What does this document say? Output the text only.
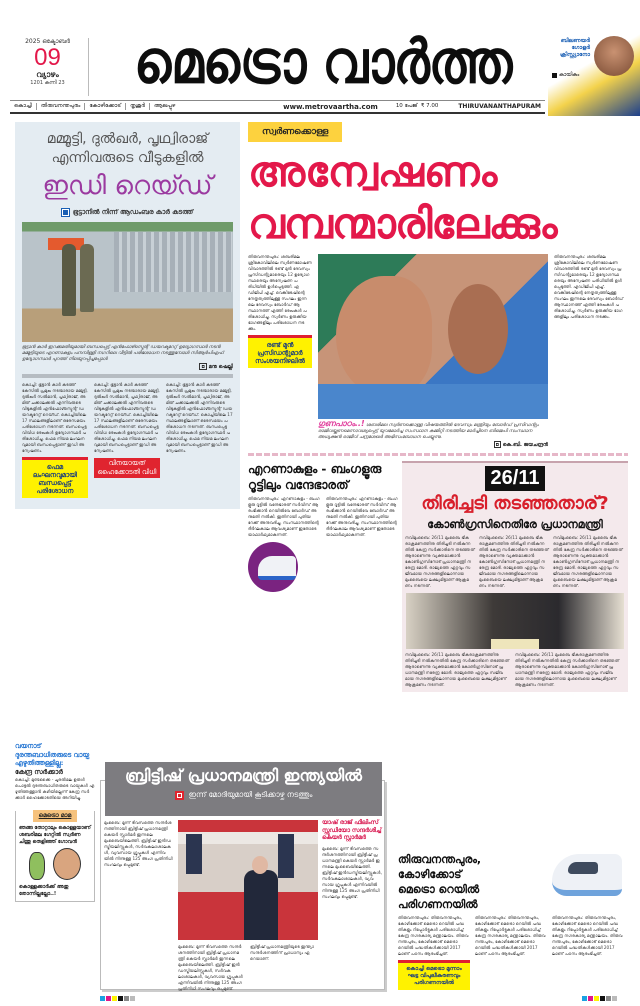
2025 ഒക്ടോബർ
09
വ്യാഴം
1201 കന്നി 23	മെട്രൊ വാർത്ത	ബിലണയർ ഗോളർ ക്രിസ്റ്റ്യാനോ
കായികം
കൊച്ചി	തിരുവനന്തപുരം	കോഴിക്കോട്	തൃശൂർ	ആലപ്പുഴ	www.metrovaartha.com	10 പേജ്  ₹ 7.00	THIRUVANANTHAPURAM
മമ്മൂട്ടി, ദുൽഖർ, പൃഥ്വിരാജ്
എന്നിവരുടെ വീടുകളിൽ
ഇഡി റെയ്ഡ്
ഭൂട്ടാനിൽ നിന്ന് ആഡംബര കാർ കടത്ത്
ഭൂട്ടാൻ കാർ ഇറക്കുമതിയുമായി ബന്ധപ്പെട്ട് എൻഫോഴ്സ്മെന്റ് ഡയറക്ടറേറ്റ് ഉദ്യോഗസ്ഥർ നടൻ മമ്മൂട്ടിയുടെ എറണാകുളം പനമ്പിള്ളി നഗറിലെ വീട്ടിൽ പരിശോധന നടത്തുമ്പോൾ സിആർപിഎഫ് ഉദ്യോഗസ്ഥർ പുറത്ത് നിലയുറപ്പിച്ചപ്പോൾ
◘ മനു ഷെല്ലി
കൊച്ചി: ഭൂട്ടാൻ കാർ കടത്ത് കേസിൽ പ്രമുഖ നടന്മാരായ മമ്മൂട്ടി, ദുൽഖർ സൽമാൻ, പൃഥ്വിരാജ്, അമിത് ചക്കാലക്കൽ എന്നിവരുടെ വീടുകളിൽ എൻഫോഴ്സ്മെന്റ് ഡയറക്ടറേറ്റ് റെയ്ഡ്. കൊച്ചിയിലെ 17 സ്ഥലങ്ങളിലാണ് ഒരേസമയം പരിശോധന നടന്നത്. ബന്ധപ്പെട്ട വിവിധ രേഖകൾ ഉദ്യോഗസ്ഥർ പരിശോധിച്ചു. ഫെമ നിയമ ലംഘനവുമായി ബന്ധപ്പെട്ടാണ് ഇഡി അന്വേഷണം.
ഫെമ ലംഘനവുമായി ബന്ധപ്പെട്ട് പരിശോധന
കൊച്ചി: ഭൂട്ടാൻ കാർ കടത്ത് കേസിൽ പ്രമുഖ നടന്മാരായ മമ്മൂട്ടി, ദുൽഖർ സൽമാൻ, പൃഥ്വിരാജ്, അമിത് ചക്കാലക്കൽ എന്നിവരുടെ വീടുകളിൽ എൻഫോഴ്സ്മെന്റ് ഡയറക്ടറേറ്റ് റെയ്ഡ്. കൊച്ചിയിലെ 17 സ്ഥലങ്ങളിലാണ് ഒരേസമയം പരിശോധന നടന്നത്. ബന്ധപ്പെട്ട വിവിധ രേഖകൾ ഉദ്യോഗസ്ഥർ പരിശോധിച്ചു. ഫെമ നിയമ ലംഘനവുമായി ബന്ധപ്പെട്ടാണ് ഇഡി അന്വേഷണം.
വിനയായത് ഹൈക്കോടതി വിധി
കൊച്ചി: ഭൂട്ടാൻ കാർ കടത്ത് കേസിൽ പ്രമുഖ നടന്മാരായ മമ്മൂട്ടി, ദുൽഖർ സൽമാൻ, പൃഥ്വിരാജ്, അമിത് ചക്കാലക്കൽ എന്നിവരുടെ വീടുകളിൽ എൻഫോഴ്സ്മെന്റ് ഡയറക്ടറേറ്റ് റെയ്ഡ്. കൊച്ചിയിലെ 17 സ്ഥലങ്ങളിലാണ് ഒരേസമയം പരിശോധന നടന്നത്. ബന്ധപ്പെട്ട വിവിധ രേഖകൾ ഉദ്യോഗസ്ഥർ പരിശോധിച്ചു. ഫെമ നിയമ ലംഘനവുമായി ബന്ധപ്പെട്ടാണ് ഇഡി അന്വേഷണം.
സ്വർണക്കൊള്ള
അന്വേഷണം
വമ്പന്മാരിലേക്കും
തിരുവനന്തപുരം: ശബരിമല ശ്രീകോവിലിലെ സ്വർണമോഷണ വിവാദത്തിൽ രണ്ട് മുൻ ദേവസ്വം പ്രസിഡന്റുമാരെയും 12 ഉദ്യോഗസ്ഥരെയും അന്വേഷണ പരിധിയിൽ ഉൾപ്പെടുത്തി. എഡിജിപി എച്ച്. വെങ്കിടേഷിന്റെ നേതൃത്വത്തിലുള്ള സംഘം ഇന്നലെ ദേവസ്വം ബോർഡ് ആസ്ഥാനത്ത് എത്തി രേഖകൾ പരിശോധിച്ചു. സ്വർണം ഉരുക്കിയ ഭാഗങ്ങളിലും പരിശോധന നടക്കും.
രണ്ട് മുൻ പ്രസിഡന്റുമാർ സംശയനിഴലിൽ
ഗുണപാഠം..! ശബരിമല സ്വർണക്കൊള്ള വിഷയത്തിൽ ദേവസ്വം മന്ത്രിയും ബോർഡ് പ്രസിഡന്റും രാജിവയ്ക്കണമെന്നാവശ്യപ്പെട്ട് യുവമോർച്ച സംസ്ഥാന കമ്മിറ്റി നടത്തിയ മാർച്ചിനെ ബിജെപി സംസ്ഥാന അധ്യക്ഷൻ രാജീവ് ചന്ദ്രശേഖർ അഭിസംബോധന ചെയ്യുന്നു.
◘ കെ.ബി. ജയചന്ദ്രൻ
തിരുവനന്തപുരം: ശബരിമല ശ്രീകോവിലിലെ സ്വർണമോഷണ വിവാദത്തിൽ രണ്ട് മുൻ ദേവസ്വം പ്രസിഡന്റുമാരെയും 12 ഉദ്യോഗസ്ഥരെയും അന്വേഷണ പരിധിയിൽ ഉൾപ്പെടുത്തി. എഡിജിപി എച്ച്. വെങ്കിടേഷിന്റെ നേതൃത്വത്തിലുള്ള സംഘം ഇന്നലെ ദേവസ്വം ബോർഡ് ആസ്ഥാനത്ത് എത്തി രേഖകൾ പരിശോധിച്ചു. സ്വർണം ഉരുക്കിയ ഭാഗങ്ങളിലും പരിശോധന നടക്കും.
എറണാകുളം - ബംഗളൂരു റൂട്ടിലും വന്ദേഭാരത്
തിരുവനന്തപുരം: എറണാകുളം - ബംഗളൂരു റൂട്ടിൽ വന്ദേഭാരത് സർവീസ് ആരംഭിക്കാൻ റെയിൽവേ ബോർഡ് അനുമതി നൽകി. ഇതിനായി പുതിയ റേക്ക് അനുവദിച്ചു. സംസ്ഥാനത്തിന്റെ ദീർഘകാല ആവശ്യമാണ് ഇതോടെ യാഥാർഥ്യമാകുന്നത്.
തിരുവനന്തപുരം: എറണാകുളം - ബംഗളൂരു റൂട്ടിൽ വന്ദേഭാരത് സർവീസ് ആരംഭിക്കാൻ റെയിൽവേ ബോർഡ് അനുമതി നൽകി. ഇതിനായി പുതിയ റേക്ക് അനുവദിച്ചു. സംസ്ഥാനത്തിന്റെ ദീർഘകാല ആവശ്യമാണ് ഇതോടെ യാഥാർഥ്യമാകുന്നത്.
26/11
തിരിച്ചടി തടഞ്ഞതാര്?
കോൺഗ്രസിനെതിരേ പ്രധാനമന്ത്രി
നവിമുംബൈ: 26/11 മുംബൈ ഭീകരാക്രമണത്തിനു തിരിച്ചടി നൽകുന്നതിൽ കേന്ദ്ര സർക്കാരിനെ തടഞ്ഞത് ആരാണെന്നു വ്യക്തമാക്കാൻ കോൺഗ്രസിനോട് പ്രധാനമന്ത്രി നരേന്ദ്ര മോദി. രാജ്യത്തെ ഏറ്റവും സജീവമായ നഗരങ്ങളിലൊന്നായ മുംബൈയെ ലക്ഷ്യമിട്ടാണ് ആക്രമണം നടന്നത്.
നവിമുംബൈ: 26/11 മുംബൈ ഭീകരാക്രമണത്തിനു തിരിച്ചടി നൽകുന്നതിൽ കേന്ദ്ര സർക്കാരിനെ തടഞ്ഞത് ആരാണെന്നു വ്യക്തമാക്കാൻ കോൺഗ്രസിനോട് പ്രധാനമന്ത്രി നരേന്ദ്ര മോദി. രാജ്യത്തെ ഏറ്റവും സജീവമായ നഗരങ്ങളിലൊന്നായ മുംബൈയെ ലക്ഷ്യമിട്ടാണ് ആക്രമണം നടന്നത്.
നവിമുംബൈ: 26/11 മുംബൈ ഭീകരാക്രമണത്തിനു തിരിച്ചടി നൽകുന്നതിൽ കേന്ദ്ര സർക്കാരിനെ തടഞ്ഞത് ആരാണെന്നു വ്യക്തമാക്കാൻ കോൺഗ്രസിനോട് പ്രധാനമന്ത്രി നരേന്ദ്ര മോദി. രാജ്യത്തെ ഏറ്റവും സജീവമായ നഗരങ്ങളിലൊന്നായ മുംബൈയെ ലക്ഷ്യമിട്ടാണ് ആക്രമണം നടന്നത്.
നവിമുംബൈ: 26/11 മുംബൈ ഭീകരാക്രമണത്തിനു തിരിച്ചടി നൽകുന്നതിൽ കേന്ദ്ര സർക്കാരിനെ തടഞ്ഞത് ആരാണെന്നു വ്യക്തമാക്കാൻ കോൺഗ്രസിനോട് പ്രധാനമന്ത്രി നരേന്ദ്ര മോദി. രാജ്യത്തെ ഏറ്റവും സജീവമായ നഗരങ്ങളിലൊന്നായ മുംബൈയെ ലക്ഷ്യമിട്ടാണ് ആക്രമണം നടന്നത്.
നവിമുംബൈ: 26/11 മുംബൈ ഭീകരാക്രമണത്തിനു തിരിച്ചടി നൽകുന്നതിൽ കേന്ദ്ര സർക്കാരിനെ തടഞ്ഞത് ആരാണെന്നു വ്യക്തമാക്കാൻ കോൺഗ്രസിനോട് പ്രധാനമന്ത്രി നരേന്ദ്ര മോദി. രാജ്യത്തെ ഏറ്റവും സജീവമായ നഗരങ്ങളിലൊന്നായ മുംബൈയെ ലക്ഷ്യമിട്ടാണ് ആക്രമണം നടന്നത്.
വയനാട് ദുരന്തബാധിതരുടെ വായ്പ എഴുതിത്തള്ളില്ല:
കേന്ദ്ര സർക്കാർ
കൊച്ചി: മുണ്ടക്കൈ - ചൂരൽമല ഉരുൾപൊട്ടൽ ദുരന്തബാധിതരുടെ വായ്പകൾ എഴുതിത്തള്ളാൻ കഴിയില്ലെന്ന് കേന്ദ്ര സർക്കാർ ഹൈക്കോടതിയെ അറിയിച്ചു.
മെട്രൊ മാമ
ഞങ്ങ തോറ്റാലും കൊള്ളയാണ് ശബരിമല ഗേറ്റിൽ സ്വർണ ചിന്തു തെളിഞ്ഞ് ഗോവൻ
കൊള്ളക്കാർക്ക് അതു തോന്നില്ലല്ലോ..!
ബ്രിട്ടീഷ് പ്രധാനമന്ത്രി ഇന്ത്യയിൽ
ഇന്ന് മോദിയുമായി കൂടിക്കാഴ്ച നടത്തും
മുംബൈ: മൂന്ന് ദിവസത്തെ സന്ദർശനത്തിനായി ബ്രിട്ടീഷ് പ്രധാനമന്ത്രി കെയർ സ്റ്റാർമർ ഇന്നലെ മുംബൈയിലെത്തി. ബ്രിട്ടിഷ് ഇൻഡസ്ട്രിയലിസ്റ്റുകൾ, സർവകലാശാലകൾ, വ്യവസായ ഗ്രൂപ്പുകൾ എന്നിവയിൽ നിന്നുള്ള 125 അംഗ പ്രതിനിധി സംഘവും ഒപ്പമുണ്ട്.
മുംബൈ: മൂന്ന് ദിവസത്തെ സന്ദർശനത്തിനായി ബ്രിട്ടീഷ് പ്രധാനമന്ത്രി കെയർ സ്റ്റാർമർ ഇന്നലെ മുംബൈയിലെത്തി. ബ്രിട്ടിഷ് ഇൻഡസ്ട്രിയലിസ്റ്റുകൾ, സർവകലാശാലകൾ, വ്യവസായ ഗ്രൂപ്പുകൾ എന്നിവയിൽ നിന്നുള്ള 125 അംഗ പ്രതിനിധി സംഘവും ഒപ്പമുണ്ട്.
ബ്രിട്ടീഷ് പ്രധാനമന്ത്രിയുടെ ഇന്ത്യാ സന്ദർശനത്തിന് പ്രാധാന്യം ഏറെയാണ്.
യാഷ് രാജ് ഫിലിംസ് സ്റ്റുഡിയോ സന്ദർശിച്ച് കെയർ സ്റ്റാർമർ
മുംബൈ: മൂന്ന് ദിവസത്തെ സന്ദർശനത്തിനായി ബ്രിട്ടീഷ് പ്രധാനമന്ത്രി കെയർ സ്റ്റാർമർ ഇന്നലെ മുംബൈയിലെത്തി. ബ്രിട്ടിഷ് ഇൻഡസ്ട്രിയലിസ്റ്റുകൾ, സർവകലാശാലകൾ, വ്യവസായ ഗ്രൂപ്പുകൾ എന്നിവയിൽ നിന്നുള്ള 125 അംഗ പ്രതിനിധി സംഘവും ഒപ്പമുണ്ട്.
തിരുവനന്തപുരം, കോഴിക്കോട്
മെട്രൊ റെയിൽ പരിഗണനയിൽ
തിരുവനന്തപുരം: തിരുവനന്തപുരം, കോഴിക്കോട് മെട്രൊ റെയിൽ പദ്ധതികളും റിപ്പോർട്ടുകൾ പരിശോധിച്ച് കേന്ദ്ര നഗരകാര്യ മന്ത്രാലയം. തിരുവനന്തപുരം, കോഴിക്കോട് മെട്രൊ റെയിൽ പദ്ധതികൾക്കായി 2017ലാണ് പഠനം ആരംഭിച്ചത്.
കൊച്ചി മെട്രൊ മൂന്നാം ഘട്ട വിപുലീകരണവും പരിഗണനയിൽ
തിരുവനന്തപുരം: തിരുവനന്തപുരം, കോഴിക്കോട് മെട്രൊ റെയിൽ പദ്ധതികളും റിപ്പോർട്ടുകൾ പരിശോധിച്ച് കേന്ദ്ര നഗരകാര്യ മന്ത്രാലയം. തിരുവനന്തപുരം, കോഴിക്കോട് മെട്രൊ റെയിൽ പദ്ധതികൾക്കായി 2017ലാണ് പഠനം ആരംഭിച്ചത്.
തിരുവനന്തപുരം: തിരുവനന്തപുരം, കോഴിക്കോട് മെട്രൊ റെയിൽ പദ്ധതികളും റിപ്പോർട്ടുകൾ പരിശോധിച്ച് കേന്ദ്ര നഗരകാര്യ മന്ത്രാലയം. തിരുവനന്തപുരം, കോഴിക്കോട് മെട്രൊ റെയിൽ പദ്ധതികൾക്കായി 2017ലാണ് പഠനം ആരംഭിച്ചത്.
